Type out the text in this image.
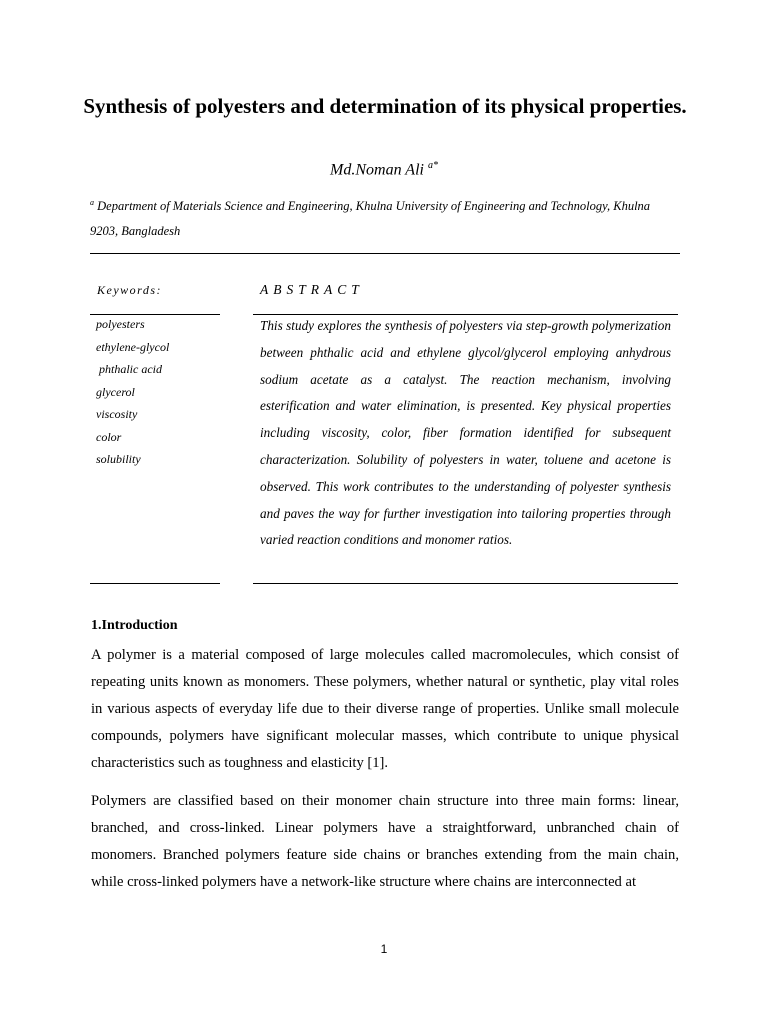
Synthesis of polyesters and determination of its physical properties.
Md.Noman Ali $^{a*}$
$^a$ Department of Materials Science and Engineering, Khulna University of Engineering and Technology, Khulna 9203, Bangladesh
Keywords:
polyesters
ethylene-glycol
phthalic acid
glycerol
viscosity
color
solubility
ABSTRACT

This study explores the synthesis of polyesters via step-growth polymerization between phthalic acid and ethylene glycol/glycerol employing anhydrous sodium acetate as a catalyst. The reaction mechanism, involving esterification and water elimination, is presented. Key physical properties including viscosity, color, fiber formation identified for subsequent characterization. Solubility of polyesters in water, toluene and acetone is observed. This work contributes to the understanding of polyester synthesis and paves the way for further investigation into tailoring properties through varied reaction conditions and monomer ratios.

1.Introduction

A polymer is a material composed of large molecules called macromolecules, which consist of repeating units known as monomers. These polymers, whether natural or synthetic, play vital roles in various aspects of everyday life due to their diverse range of properties. Unlike small molecule compounds, polymers have significant molecular masses, which contribute to unique physical characteristics such as toughness and elasticity [1].

Polymers are classified based on their monomer chain structure into three main forms: linear, branched, and cross-linked. Linear polymers have a straightforward, unbranched chain of monomers. Branched polymers feature side chains or branches extending from the main chain, while cross-linked polymers have a network-like structure where chains are interconnected at

1
